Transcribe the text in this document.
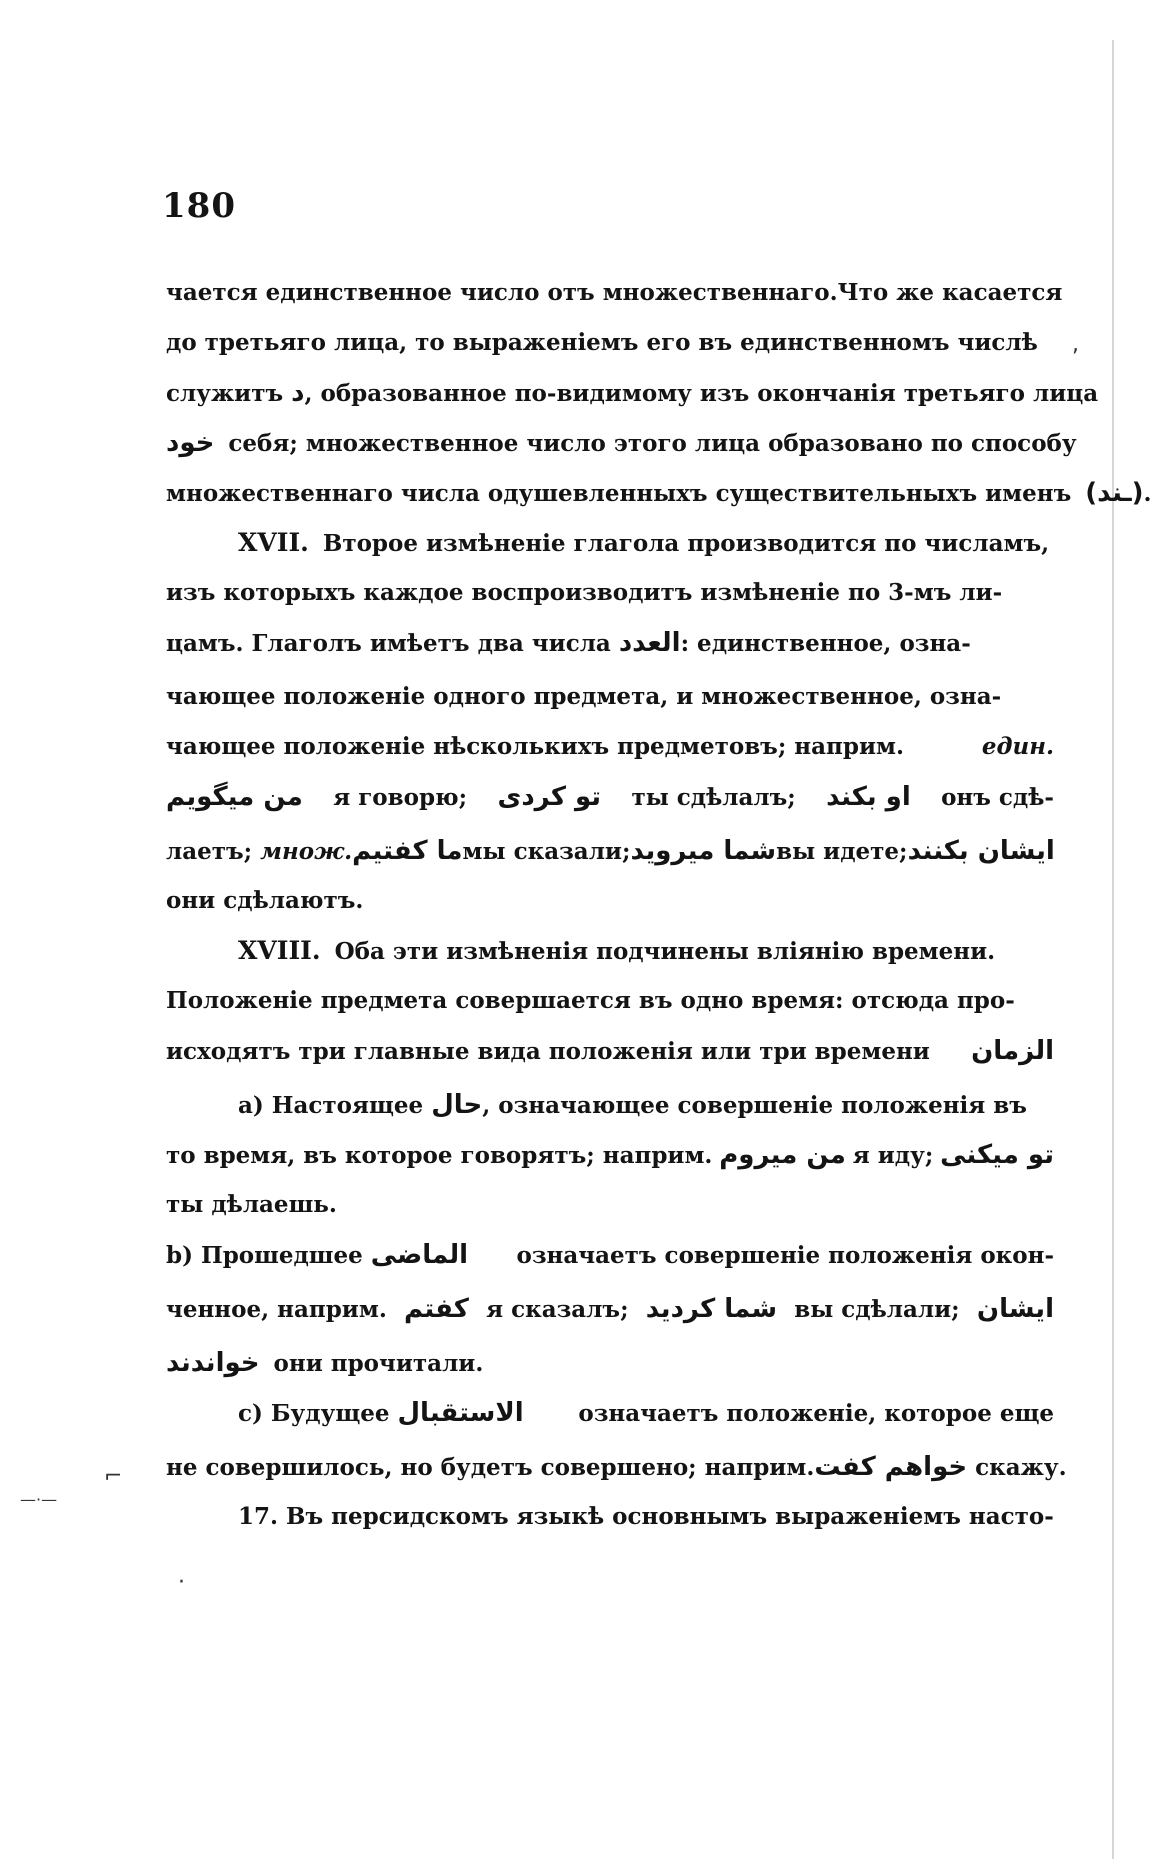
180
,
⌐
—·—
·
чается единственное число отъ множественнаго. Что же касается
до третьяго лица, то выраженіемъ его въ единственномъ числѣ
служитъ د, образованное по-видимому изъ окончанія третьяго лица
خود себя; множественное число этого лица образовано по способу
множественнаго числа одушевленныхъ существительныхъ именъ (ـند).
XVII. Второе измѣненіе глагола производится по числамъ,
изъ которыхъ каждое воспроизводитъ измѣненіе по 3-мъ ли-
цамъ. Глаголъ имѣетъ два числа العدد: единственное, озна-
чающее положеніе одного предмета, и множественное, озна-
чающее положеніе нѣсколькихъ предметовъ; наприм.	един.
من میگویم я говорю; تو کردی ты сдѣлалъ; او بکند онъ сдѣ-
лаетъ; множ. ما کفتیم мы сказали; شما میروید вы идете; ایشان بکنند
они сдѣлаютъ.
XVIII. Оба эти измѣненія подчинены вліянію времени.
Положеніе предмета совершается въ одно время: отсюда про-
исходятъ три главные вида положенія или три времени الزمان
a) Настоящее حال, означающее совершеніе положенія въ
то время, въ которое говорятъ; наприм. من میروم я иду; تو میکنی
ты дѣлаешь.
b) Прошедшее الماضی означаетъ совершеніе положенія окон-
ченное, наприм. کفتم я сказалъ; شما کردید вы сдѣлали; ایشان
خواندند они прочитали.
c) Будущее الاستقبال означаетъ положеніе, которое еще
не совершилось, но будетъ совершено; наприм. خواهم کفت скажу.
17. Въ персидскомъ языкѣ основнымъ выраженіемъ насто-
